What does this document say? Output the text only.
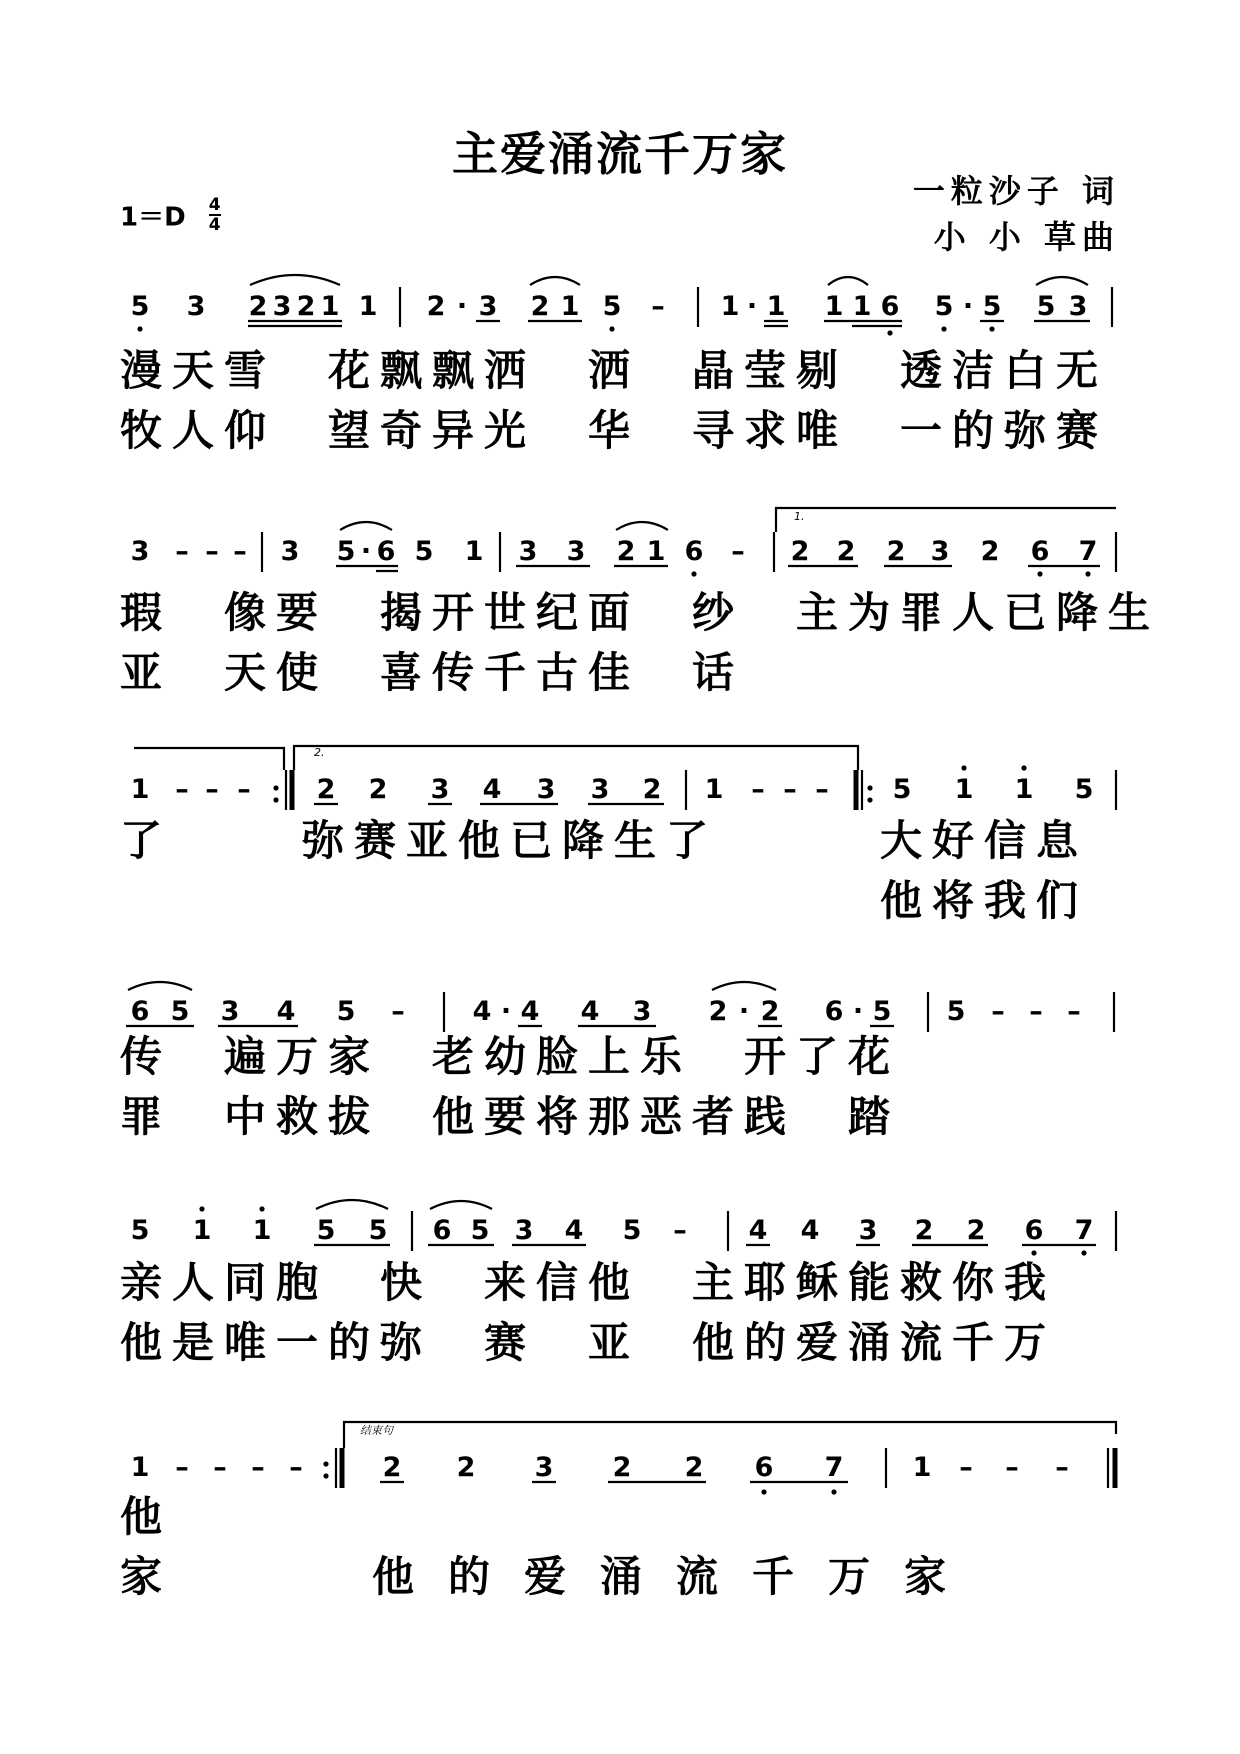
主爱涌流千万家
$1=D \frac{4}{4}$
一粒沙子 词
小 小 草曲
5 3 2 3 2 1 1 2 · 3 2 1 5 – 1 · 1 1 1 6 5 · 5 5 3
漫天雪　花飘飘洒　洒　晶莹剔　透洁白无
牧人仰　望奇异光　华　寻求唯　一的弥赛
1.
3 – – – 3 5 · 6 5 1 3 3 2 1 6 – 2 2 2 3 2 6 7
瑕　像要　揭开世纪面　纱　主为罪人已降生
亚　天使　喜传千古佳　话
2.
1 – – – 2 2 3 4 3 3 2 1 – – – 5 1 1 5
了	弥赛亚他已降生了	大好信息
他将我们
6 5 3 4 5 –	4 · 4 4 3 2 · 2 6 · 5 5 – – –
传　遍万家　老幼脸上乐　开了花
罪　中救拔　他要将那恶者践　踏
5 1 1 5 5 6 5 3 4 5 – 4 4 3 2 2 6 7
亲人同胞　快　来信他　主耶稣能救你我
他是唯一的弥　赛　亚　他的爱涌流千万
结束句
1 – – – –	2 2 3 2 2 6 7	1 – – –
他
家	他的爱涌流千万家
